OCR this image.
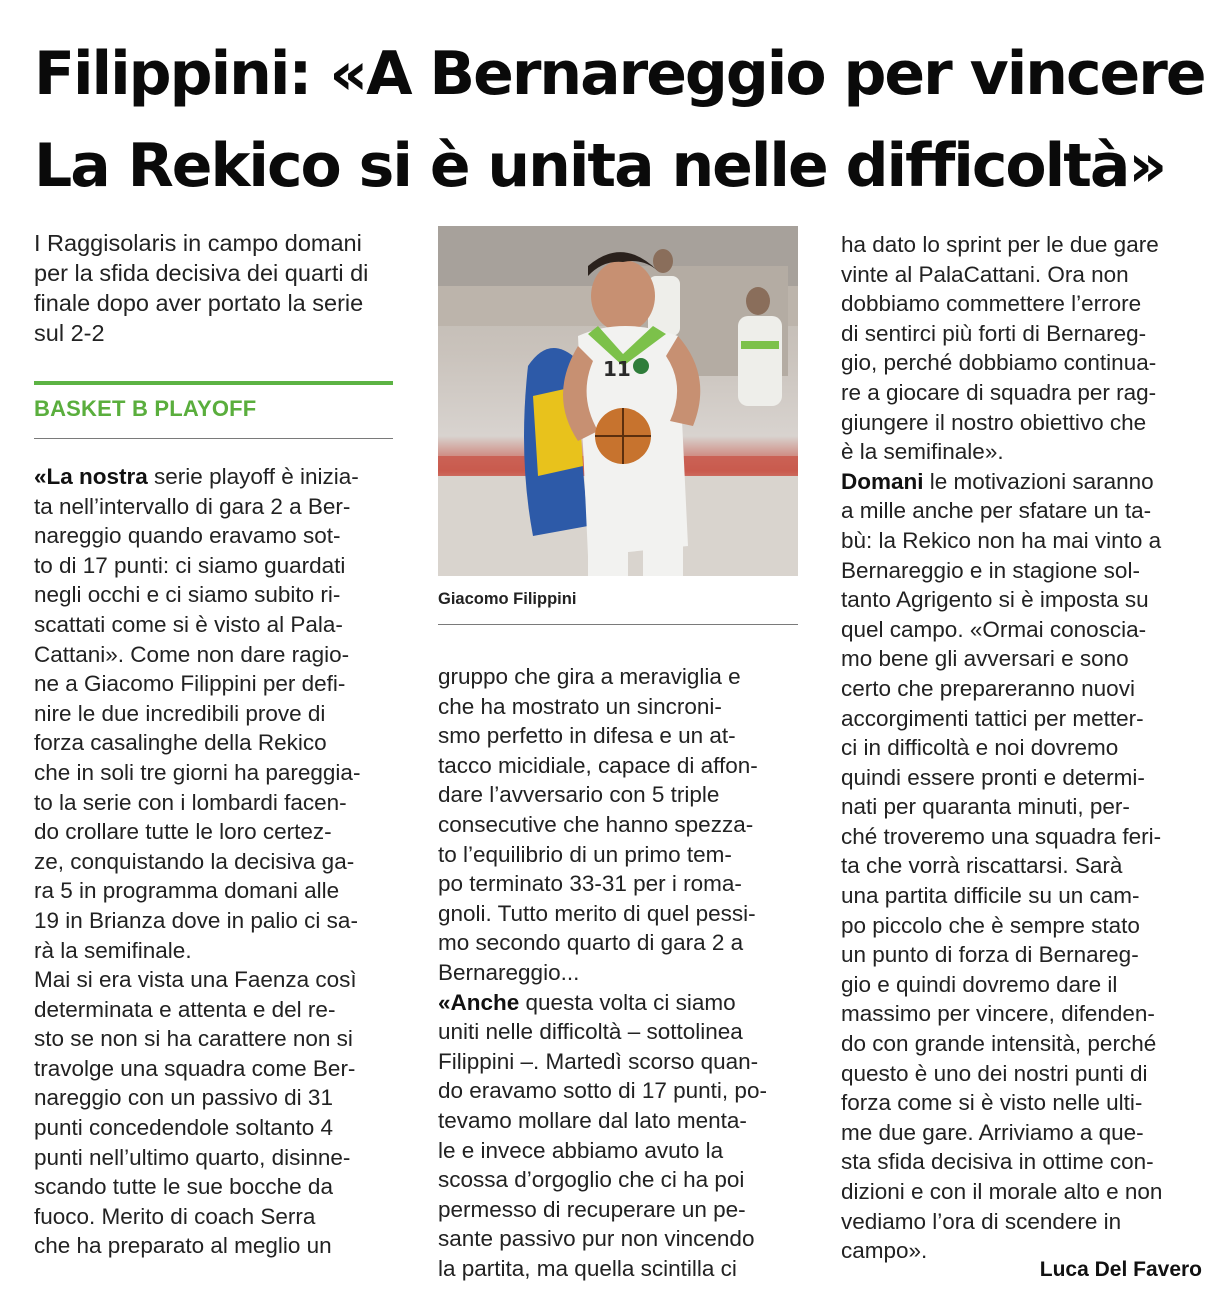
Filippini: «A Bernareggio per vincere
La Rekico si è unita nelle difficoltà»
I Raggisolaris in campo domani per la sfida decisiva dei quarti di finale dopo aver portato la serie sul 2-2
BASKET B PLAYOFF

«La nostra serie playoff è inizia-
ta nell’intervallo di gara 2 a Ber-
nareggio quando eravamo sot-
to di 17 punti: ci siamo guardati
negli occhi e ci siamo subito ri-
scattati come si è visto al Pala-
Cattani». Come non dare ragio-
ne a Giacomo Filippini per defi-
nire le due incredibili prove di
forza casalinghe della Rekico
che in soli tre giorni ha pareggia-
to la serie con i lombardi facen-
do crollare tutte le loro certez-
ze, conquistando la decisiva ga-
ra 5 in programma domani alle
19 in Brianza dove in palio ci sa-
rà la semifinale.

Mai si era vista una Faenza così
determinata e attenta e del re-
sto se non si ha carattere non si
travolge una squadra come Ber-
nareggio con un passivo di 31
punti concedendole soltanto 4
punti nell’ultimo quarto, disinne-
scando tutte le sue bocche da
fuoco. Merito di coach Serra
che ha preparato al meglio un

11
Giacomo Filippini

gruppo che gira a meraviglia e
che ha mostrato un sincroni-
smo perfetto in difesa e un at-
tacco micidiale, capace di affon-
dare l’avversario con 5 triple
consecutive che hanno spezza-
to l’equilibrio di un primo tem-
po terminato 33-31 per i roma-
gnoli. Tutto merito di quel pessi-
mo secondo quarto di gara 2 a
Bernareggio...

«Anche questa volta ci siamo
uniti nelle difficoltà – sottolinea
Filippini –. Martedì scorso quan-
do eravamo sotto di 17 punti, po-
tevamo mollare dal lato menta-
le e invece abbiamo avuto la
scossa d’orgoglio che ci ha poi
permesso di recuperare un pe-
sante passivo pur non vincendo
la partita, ma quella scintilla ci

ha dato lo sprint per le due gare
vinte al PalaCattani. Ora non
dobbiamo commettere l’errore
di sentirci più forti di Bernareg-
gio, perché dobbiamo continua-
re a giocare di squadra per rag-
giungere il nostro obiettivo che
è la semifinale».

Domani le motivazioni saranno
a mille anche per sfatare un ta-
bù: la Rekico non ha mai vinto a
Bernareggio e in stagione sol-
tanto Agrigento si è imposta su
quel campo. «Ormai conoscia-
mo bene gli avversari e sono
certo che prepareranno nuovi
accorgimenti tattici per metter-
ci in difficoltà e noi dovremo
quindi essere pronti e determi-
nati per quaranta minuti, per-
ché troveremo una squadra feri-
ta che vorrà riscattarsi. Sarà
una partita difficile su un cam-
po piccolo che è sempre stato
un punto di forza di Bernareg-
gio e quindi dovremo dare il
massimo per vincere, difenden-
do con grande intensità, perché
questo è uno dei nostri punti di
forza come si è visto nelle ulti-
me due gare. Arriviamo a que-
sta sfida decisiva in ottime con-
dizioni e con il morale alto e non
vediamo l’ora di scendere in
campo».

Luca Del Favero
